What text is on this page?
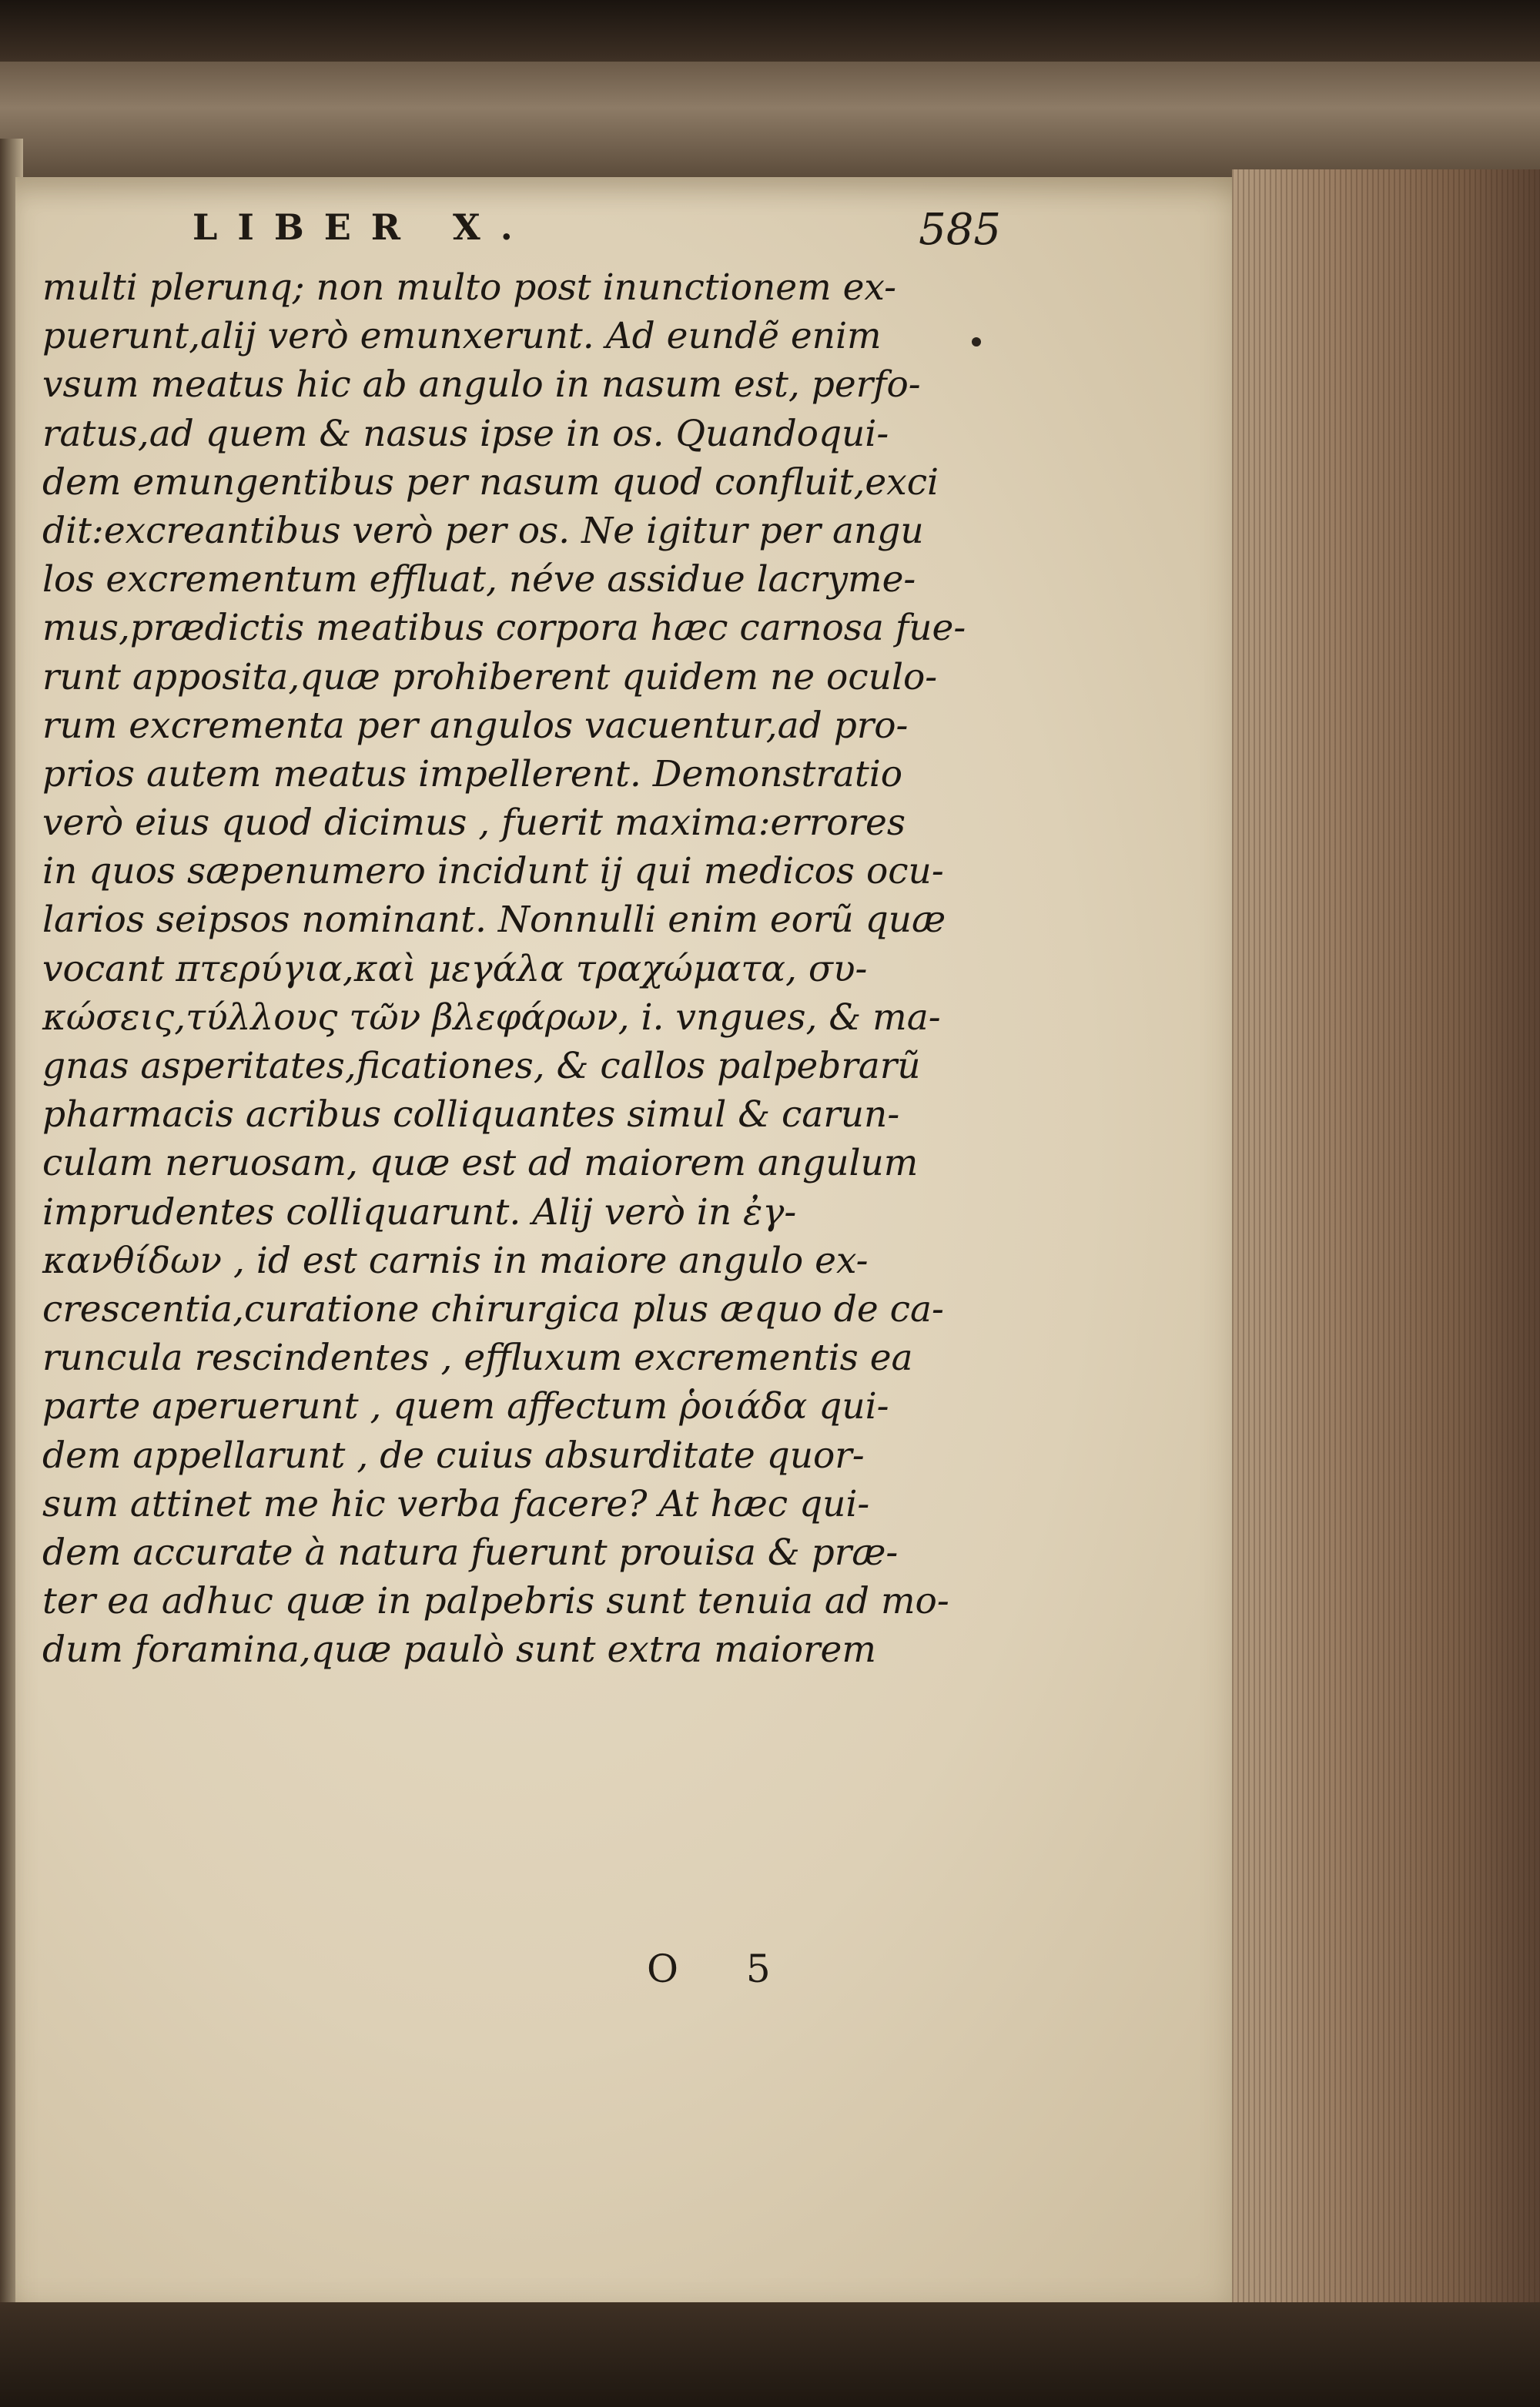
LIBER X.	585
multi plerunq; non multo post inunctionem ex-
puerunt,alij verò emunxerunt. Ad eundẽ enim
vsum meatus hic ab angulo in nasum est, perfo-
ratus,ad quem & nasus ipse in os. Quandoqui-
dem emungentibus per nasum quod confluit,exci
dit:excreantibus verò per os. Ne igitur per angu
los excrementum effluat, néve assidue lacryme-
mus,prædictis meatibus corpora hæc carnosa fue-
runt apposita,quæ prohiberent quidem ne oculo-
rum excrementa per angulos vacuentur,ad pro-
prios autem meatus impellerent. Demonstratio
verò eius quod dicimus , fuerit maxima:errores
in quos sæpenumero incidunt ij qui medicos ocu-
larios seipsos nominant. Nonnulli enim eorũ quæ
vocant πτερύγια,καὶ μεγάλα τραχώματα, συ-
κώσεις,τύλλους τῶν βλεφάρων, i. vngues, & ma-
gnas asperitates,ficationes, & callos palpebrarũ
pharmacis acribus colliquantes simul & carun-
culam neruosam, quæ est ad maiorem angulum
imprudentes colliquarunt. Alij verò in ἐγ-
κανθίδων , id est carnis in maiore angulo ex-
crescentia,curatione chirurgica plus æquo de ca-
runcula rescindentes , effluxum excrementis ea
parte aperuerunt , quem affectum ῥοιάδα qui-
dem appellarunt , de cuius absurditate quor-
sum attinet me hic verba facere? At hæc qui-
dem accurate à natura fuerunt prouisa & præ-
ter ea adhuc quæ in palpebris sunt tenuia ad mo-
dum foramina,quæ paulò sunt extra maiorem
O 5
